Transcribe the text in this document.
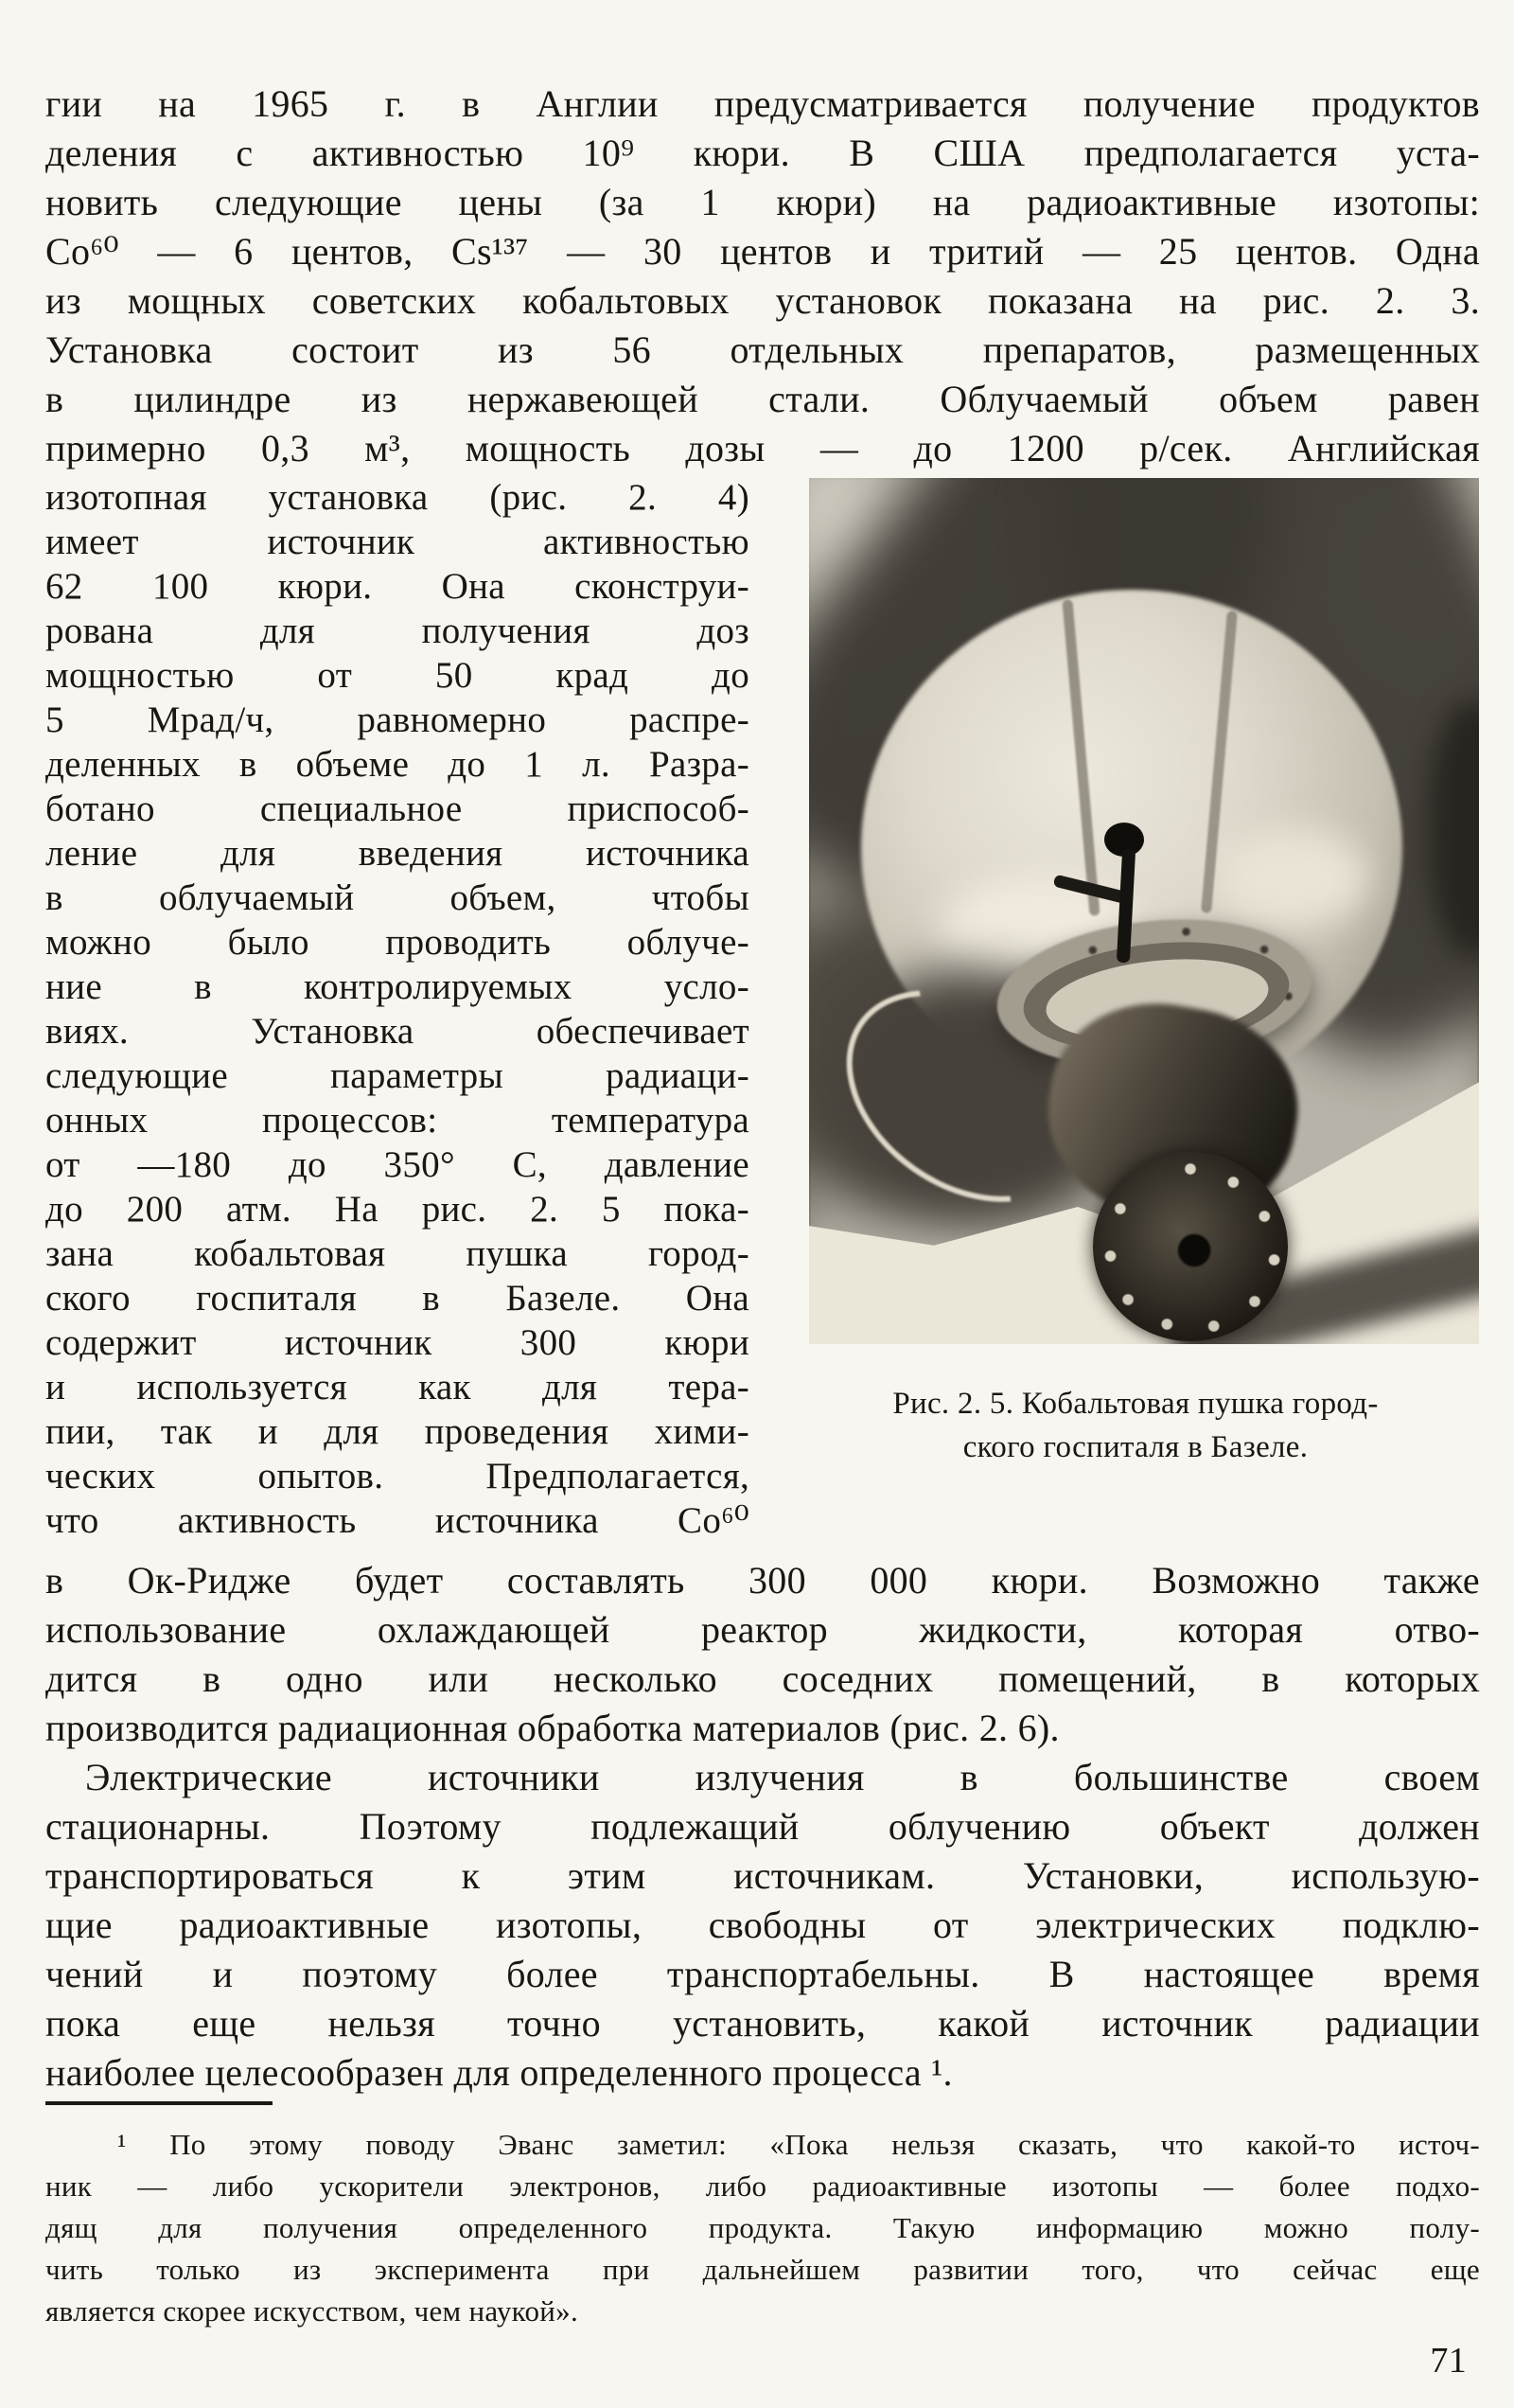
гии на 1965 г. в Англии предусматривается получение продуктов
деления с активностью 10⁹ кюри. В США предполагается уста-
новить следующие цены (за 1 кюри) на радиоактивные изотопы:
Co⁶⁰ — 6 центов, Cs¹³⁷ — 30 центов и тритий — 25 центов. Одна
из мощных советских кобальтовых установок показана на рис. 2. 3.
Установка состоит из 56 отдельных препаратов, размещенных
в цилиндре из нержавеющей стали. Облучаемый объем равен
примерно 0,3 м³, мощность дозы — до 1200 р/сек. Английская
изотопная установка (рис. 2. 4)
имеет источник активностью
62 100 кюри. Она сконструи-
рована для получения доз
мощностью от 50 крад до
5 Мрад/ч, равномерно распре-
деленных в объеме до 1 л. Разра-
ботано специальное приспособ-
ление для введения источника
в облучаемый объем, чтобы
можно было проводить облуче-
ние в контролируемых усло-
виях. Установка обеспечивает
следующие параметры радиаци-
онных процессов: температура
от —180 до 350° С, давление
до 200 атм. На рис. 2. 5 пока-
зана кобальтовая пушка город-
ского госпиталя в Базеле. Она
содержит источник 300 кюри
и используется как для тера-
пии, так и для проведения хими-
ческих опытов. Предполагается,
что активность источника Co⁶⁰
Рис. 2. 5. Кобальтовая пушка город-
ского госпиталя в Базеле.
в Ок-Ридже будет составлять 300 000 кюри. Возможно также
использование охлаждающей реактор жидкости, которая отво-
дится в одно или несколько соседних помещений, в которых
производится радиационная обработка материалов (рис. 2. 6).
Электрические источники излучения в большинстве своем
стационарны. Поэтому подлежащий облучению объект должен
транспортироваться к этим источникам. Установки, использую-
щие радиоактивные изотопы, свободны от электрических подклю-
чений и поэтому более транспортабельны. В настоящее время
пока еще нельзя точно установить, какой источник радиации
наиболее целесообразен для определенного процесса ¹.
¹ По этому поводу Эванс заметил: «Пока нельзя сказать, что какой-то источ-
ник — либо ускорители электронов, либо радиоактивные изотопы — более подхо-
дящ для получения определенного продукта. Такую информацию можно полу-
чить только из эксперимента при дальнейшем развитии того, что сейчас еще
является скорее искусством, чем наукой».
71
